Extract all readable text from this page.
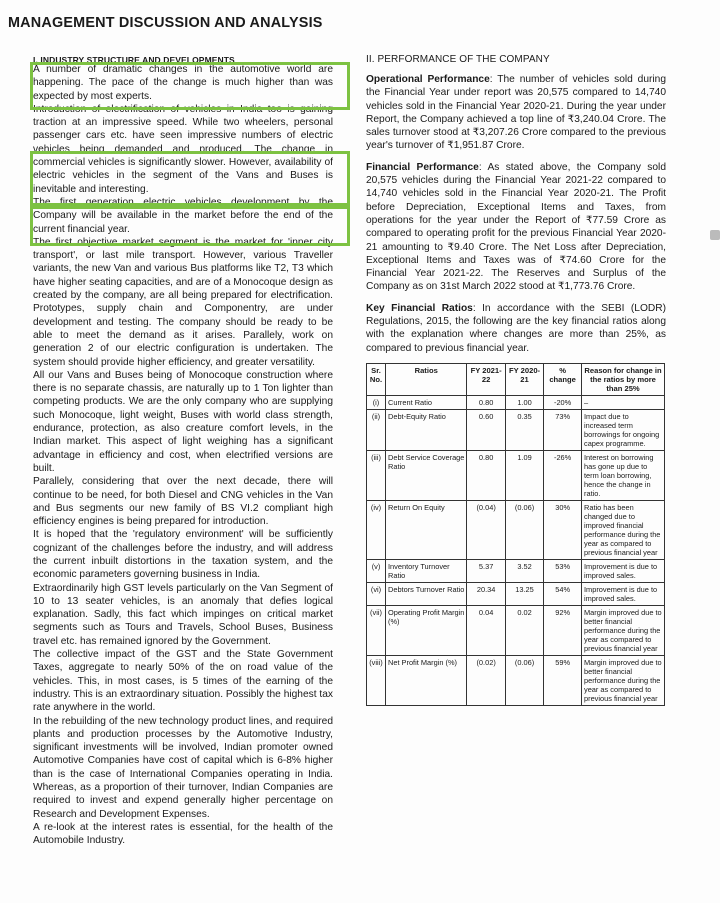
MANAGEMENT DISCUSSION AND ANALYSIS
I. INDUSTRY STRUCTURE AND DEVELOPMENTS

A number of dramatic changes in the automotive world are happening. The pace of the change is much higher than was expected by most experts.

Introduction of electrification of vehicles in India too is gaining traction at an impressive speed. While two wheelers, personal passenger cars etc. have seen impressive numbers of electric vehicles being demanded and produced. The change in commercial vehicles is significantly slower. However, availability of electric vehicles in the segment of the Vans and Buses is inevitable and interesting.

The first generation electric vehicles development by the Company will be available in the market before the end of the current financial year.

The first objective market segment is the market for 'inner city transport', or last mile transport. However, various Traveller variants, the new Van and various Bus platforms like T2, T3 which have higher seating capacities, and are of a Monocoque design as created by the company, are all being prepared for electrification. Prototypes, supply chain and Componentry, are under development and testing. The company should be ready to be able to meet the demand as it arises. Parallely, work on generation 2 of our electric configuration is undertaken. The system should provide higher efficiency, and greater versatility.

All our Vans and Buses being of Monocoque construction where there is no separate chassis, are naturally up to 1 Ton lighter than competing products. We are the only company who are supplying such Monocoque, light weight, Buses with world class strength, endurance, protection, as also creature comfort levels, in the Indian market. This aspect of light weighing has a significant advantage in efficiency and cost, when electrified versions are built.

Parallely, considering that over the next decade, there will continue to be need, for both Diesel and CNG vehicles in the Van and Bus segments our new family of BS VI.2 compliant high efficiency engines is being prepared for introduction.

It is hoped that the 'regulatory environment' will be sufficiently cognizant of the challenges before the industry, and will address the current inbuilt distortions in the taxation system, and the economic parameters governing business in India.

Extraordinarily high GST levels particularly on the Van Segment of 10 to 13 seater vehicles, is an anomaly that defies logical explanation. Sadly, this fact which impinges on critical market segments such as Tours and Travels, School Buses, Business travel etc. has remained ignored by the Government.

The collective impact of the GST and the State Government Taxes, aggregate to nearly 50% of the on road value of the vehicles. This, in most cases, is 5 times of the earning of the industry. This is an extraordinary situation. Possibly the highest tax rate anywhere in the world.

In the rebuilding of the new technology product lines, and required plants and production processes by the Automotive Industry, significant investments will be involved, Indian promoter owned Automotive Companies have cost of capital which is 6-8% higher than is the case of International Companies operating in India. Whereas, as a proportion of their turnover, Indian Companies are required to invest and expend generally higher percentage on Research and Development Expenses.

A re-look at the interest rates is essential, for the health of the Automobile Industry.

II. PERFORMANCE OF THE COMPANY

Operational Performance: The number of vehicles sold during the Financial Year under report was 20,575 compared to 14,740 vehicles sold in the Financial Year 2020-21. During the year under Report, the Company achieved a top line of ₹3,240.04 Crore. The sales turnover stood at ₹3,207.26 Crore compared to the previous year's turnover of ₹1,951.87 Crore.

Financial Performance: As stated above, the Company sold 20,575 vehicles during the Financial Year 2021-22 compared to 14,740 vehicles sold in the Financial Year 2020-21. The Profit before Depreciation, Exceptional Items and Taxes, from operations for the year under the Report of ₹77.59 Crore as compared to operating profit for the previous Financial Year 2020-21 amounting to ₹9.40 Crore. The Net Loss after Depreciation, Exceptional Items and Taxes was of ₹74.60 Crore for the Financial Year 2021-22. The Reserves and Surplus of the Company as on 31st March 2022 stood at ₹1,773.76 Crore.

Key Financial Ratios: In accordance with the SEBI (LODR) Regulations, 2015, the following are the key financial ratios along with the explanation where changes are more than 25%, as compared to previous financial year.

Sr. No.	Ratios	FY 2021-22	FY 2020-21	% change	Reason for change in the ratios by more than 25%
(i)	Current Ratio	0.80	1.00	-20%	–
(ii)	Debt-Equity Ratio	0.60	0.35	73%	Impact due to increased term borrowings for ongoing capex programme.
(iii)	Debt Service Coverage Ratio	0.80	1.09	-26%	Interest on borrowing has gone up due to term loan borrowing, hence the change in ratio.
(iv)	Return On Equity	(0.04)	(0.06)	30%	Ratio has been changed due to improved financial performance during the year as compared to previous financial year
(v)	Inventory Turnover Ratio	5.37	3.52	53%	Improvement is due to improved sales.
(vi)	Debtors Turnover Ratio	20.34	13.25	54%	Improvement is due to improved sales.
(vii)	Operating Profit Margin (%)	0.04	0.02	92%	Margin improved due to better financial performance during the year as compared to previous financial year
(viii)	Net Profit Margin (%)	(0.02)	(0.06)	59%	Margin improved due to better financial performance during the year as compared to previous financial year
